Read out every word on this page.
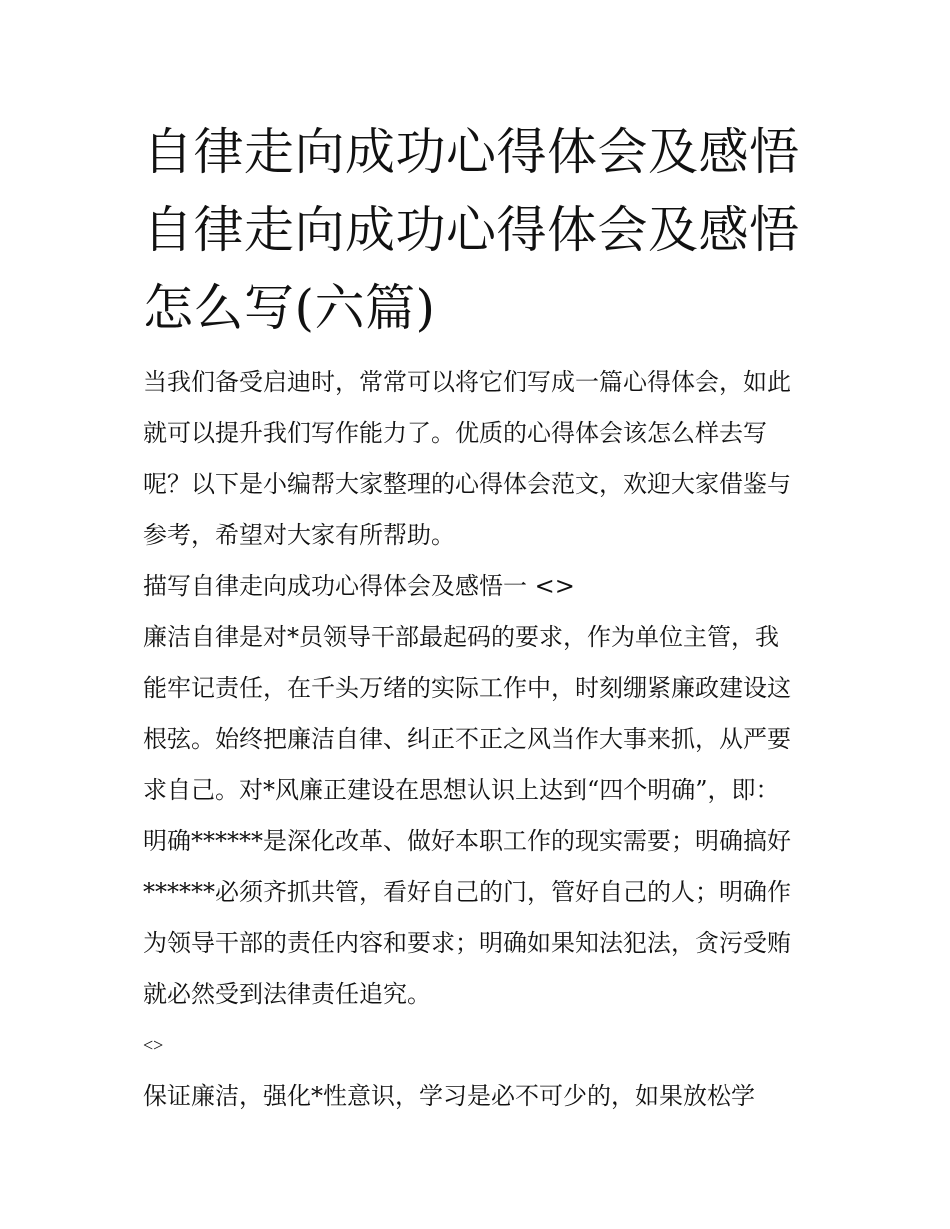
自律走向成功心得体会及感悟
自律走向成功心得体会及感悟
怎么写(六篇)
当我们备受启迪时，常常可以将它们写成一篇心得体会，如此
就可以提升我们写作能力了。优质的心得体会该怎么样去写
呢？以下是小编帮大家整理的心得体会范文，欢迎大家借鉴与
参考，希望对大家有所帮助。
描写自律走向成功心得体会及感悟一 <>
廉洁自律是对*员领导干部最起码的要求，作为单位主管，我
能牢记责任，在千头万绪的实际工作中，时刻绷紧廉政建设这
根弦。始终把廉洁自律、纠正不正之风当作大事来抓，从严要
求自己。对*风廉正建设在思想认识上达到“四个明确”，即：
明确******是深化改革、做好本职工作的现实需要；明确搞好
******必须齐抓共管，看好自己的门，管好自己的人；明确作
为领导干部的责任内容和要求；明确如果知法犯法，贪污受贿
就必然受到法律责任追究。
<>
保证廉洁，强化*性意识，学习是必不可少的，如果放松学
